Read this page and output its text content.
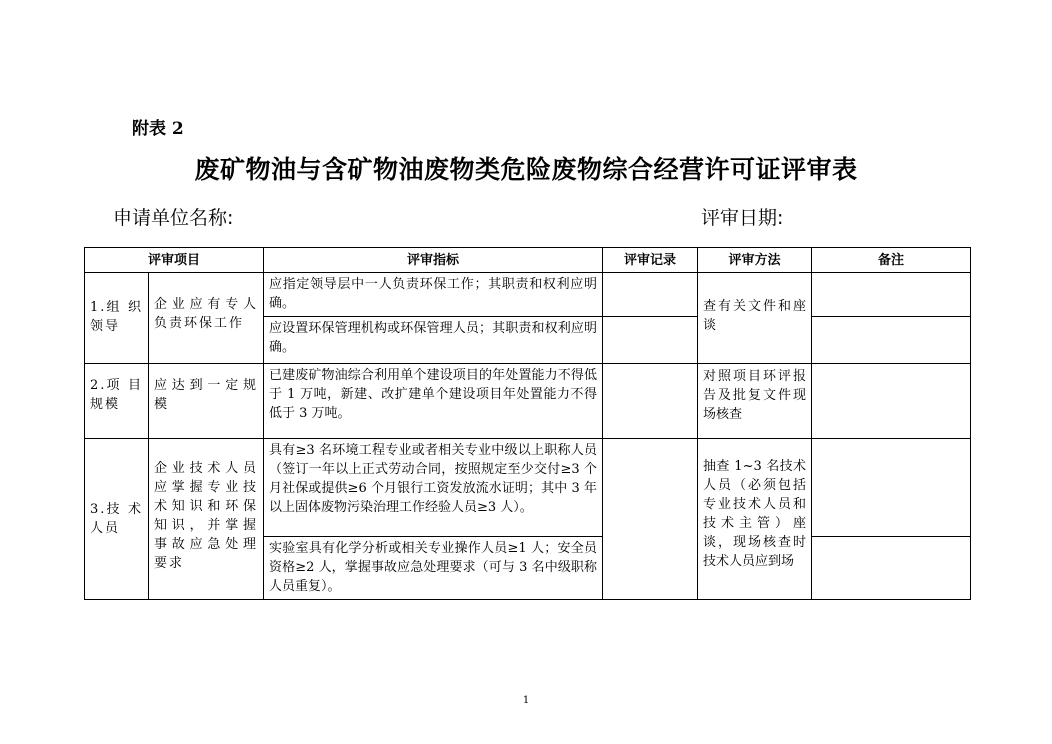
附表 2
废矿物油与含矿物油废物类危险废物综合经营许可证评审表
申请单位名称:	评审日期:
评审项目		评审指标	评审记录	评审方法	备注
1.组 织领导	企业应有专人负责环保工作	应指定领导层中一人负责环保工作；其职责和权利应明确。		查有关文件和座谈	
		应设置环保管理机构或环保管理人员；其职责和权利应明确。			
2.项 目规模	应达到一定规模	已建废矿物油综合利用单个建设项目的年处置能力不得低于 1 万吨，新建、改扩建单个建设项目年处置能力不得低于 3 万吨。		对照项目环评报告及批复文件现场核查	
3.技 术人员	企业技术人员应掌握专业技术知识和环保知识，并掌握事故应急处理要求	具有≥3 名环境工程专业或者相关专业中级以上职称人员（签订一年以上正式劳动合同，按照规定至少交付≥3 个月社保或提供≥6 个月银行工资发放流水证明；其中 3 年以上固体废物污染治理工作经验人员≥3 人）。		抽查 1~3 名技术人员（必须包括专业技术人员和技术主管）座谈，现场核查时技术人员应到场	
		实验室具有化学分析或相关专业操作人员≥1 人；安全员资格≥2 人，掌握事故应急处理要求（可与 3 名中级职称人员重复）。			
1
